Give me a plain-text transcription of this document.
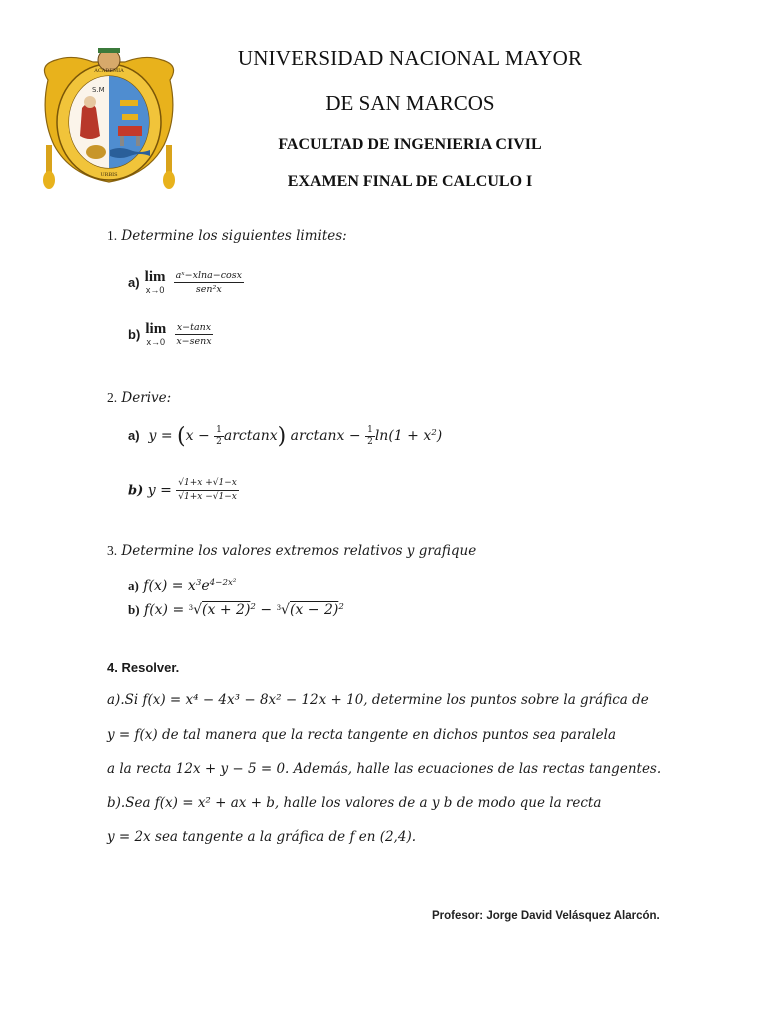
S.M
ACADEMIA
URBIS
UNIVERSIDAD NACIONAL MAYOR
DE SAN MARCOS
FACULTAD DE INGENIERIA CIVIL
EXAMEN FINAL DE CALCULO I
1. Determine los siguientes limites:
a) lim
x→0
$\frac{\text{aˣ−xlna−cosx}}{\text{sen²x}}$
b) lim
x→0
$\frac{x-\tan x}{\text{x−senx}}$
2. Derive:
a) $y = (x - \frac{1}{2} \arctan x)$ $\arctan x - \frac{1}{2} \ln(1 + x^2)$
b) $y = \frac{√1+x +√1-x}{√1+x -√1-x}$
3. Determine los valores extremos relativos y grafique
a) $f(x) = x^3e^{4-2x^2}$
b) $f(x) = ^3√(x + 2)^2 - ^3√(x - 2)^2$
4. Resolver.
a).Si f(x) = x⁴ − 4x³ − 8x² − 12x + 10, determine los puntos sobre la gráfica de
y = f(x) de tal manera que la recta tangente en dichos puntos sea paralela
a la recta 12x + y − 5 = 0. Además, halle las ecuaciones de las rectas tangentes.
b).Sea f(x) = x² + ax + b, halle los valores de a y b de modo que la recta
y = 2x sea tangente a la gráfica de f en (2,4).
Profesor: Jorge David Velásquez Alarcón.
